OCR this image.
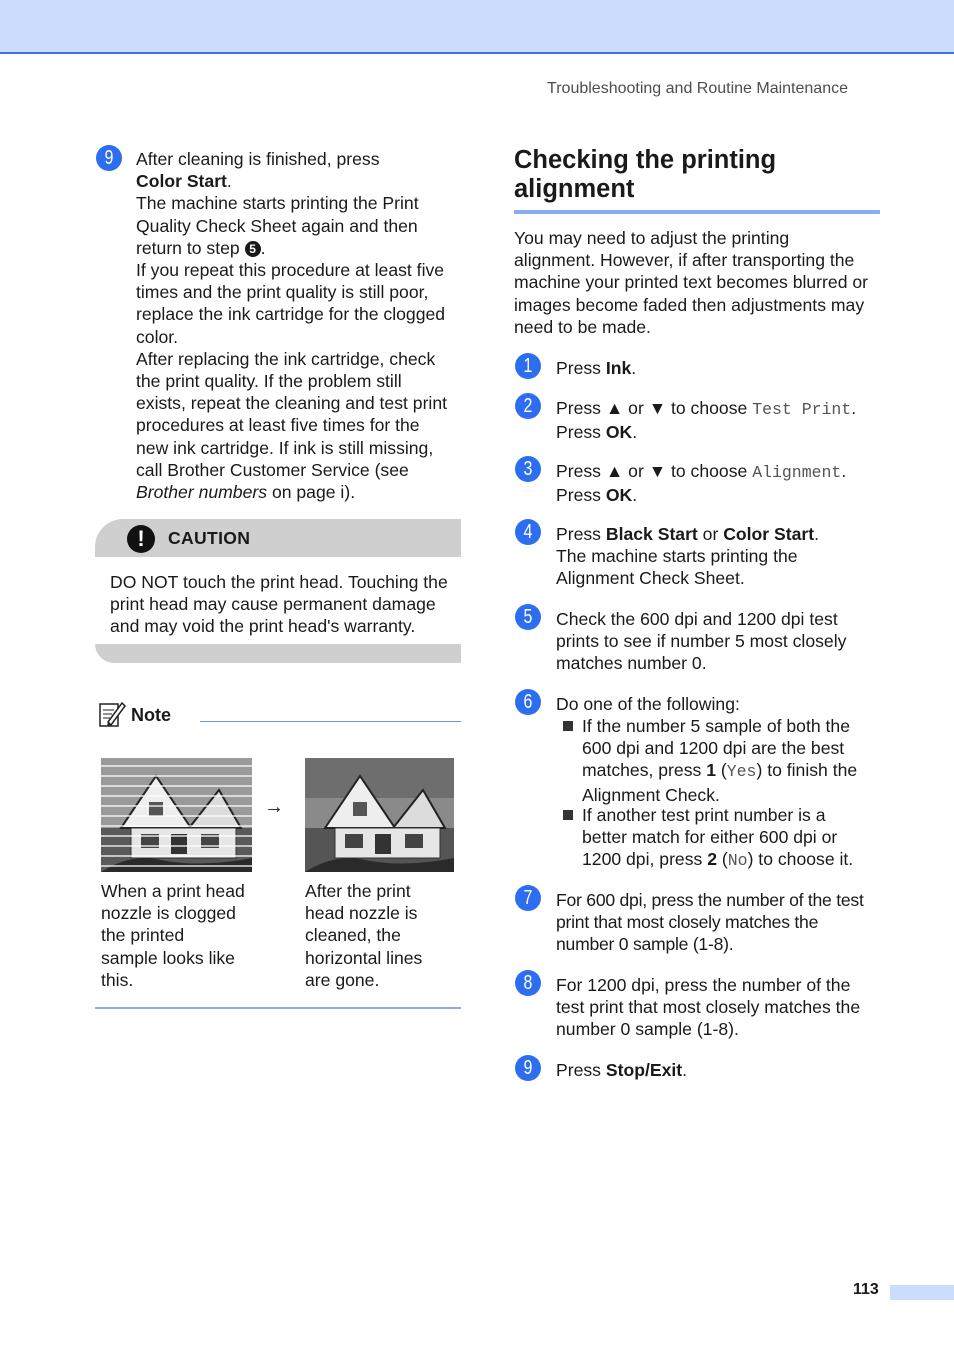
Troubleshooting and Routine Maintenance
9	After cleaning is finished, press

Color Start.

The machine starts printing the Print

Quality Check Sheet again and then

return to step 5 .

If you repeat this procedure at least five

times and the print quality is still poor,

replace the ink cartridge for the clogged

color.

After replacing the ink cartridge, check

the print quality. If the problem still

exists, repeat the cleaning and test print

procedures at least five times for the

new ink cartridge. If ink is still missing,

call Brother Customer Service (see

Brother numbers on page i).

!	CAUTION

DO NOT touch the print head. Touching the

print head may cause permanent damage

and may void the print head's warranty.

Note
→

When a print head

nozzle is clogged

the printed

sample looks like

this.

After the print

head nozzle is

cleaned, the

horizontal lines

are gone.

Checking the printing

alignment

You may need to adjust the printing

alignment. However, if after transporting the

machine your printed text becomes blurred or

images become faded then adjustments may

need to be made.

1	Press Ink.

2	Press ▲ or ▼ to choose Test Print.

Press OK.

3	Press ▲ or ▼ to choose Alignment.

Press OK.

4	Press Black Start or Color Start.

The machine starts printing the

Alignment Check Sheet.

5	Check the 600 dpi and 1200 dpi test

prints to see if number 5 most closely

matches number 0.

6	Do one of the following:

If the number 5 sample of both the

600 dpi and 1200 dpi are the best

matches, press 1 (Yes) to finish the

Alignment Check.

If another test print number is a

better match for either 600 dpi or

1200 dpi, press 2 (No) to choose it.

7	For 600 dpi, press the number of the test

print that most closely matches the

number 0 sample (1-8).

8	For 1200 dpi, press the number of the

test print that most closely matches the

number 0 sample (1-8).

9	Press Stop/Exit.

113
